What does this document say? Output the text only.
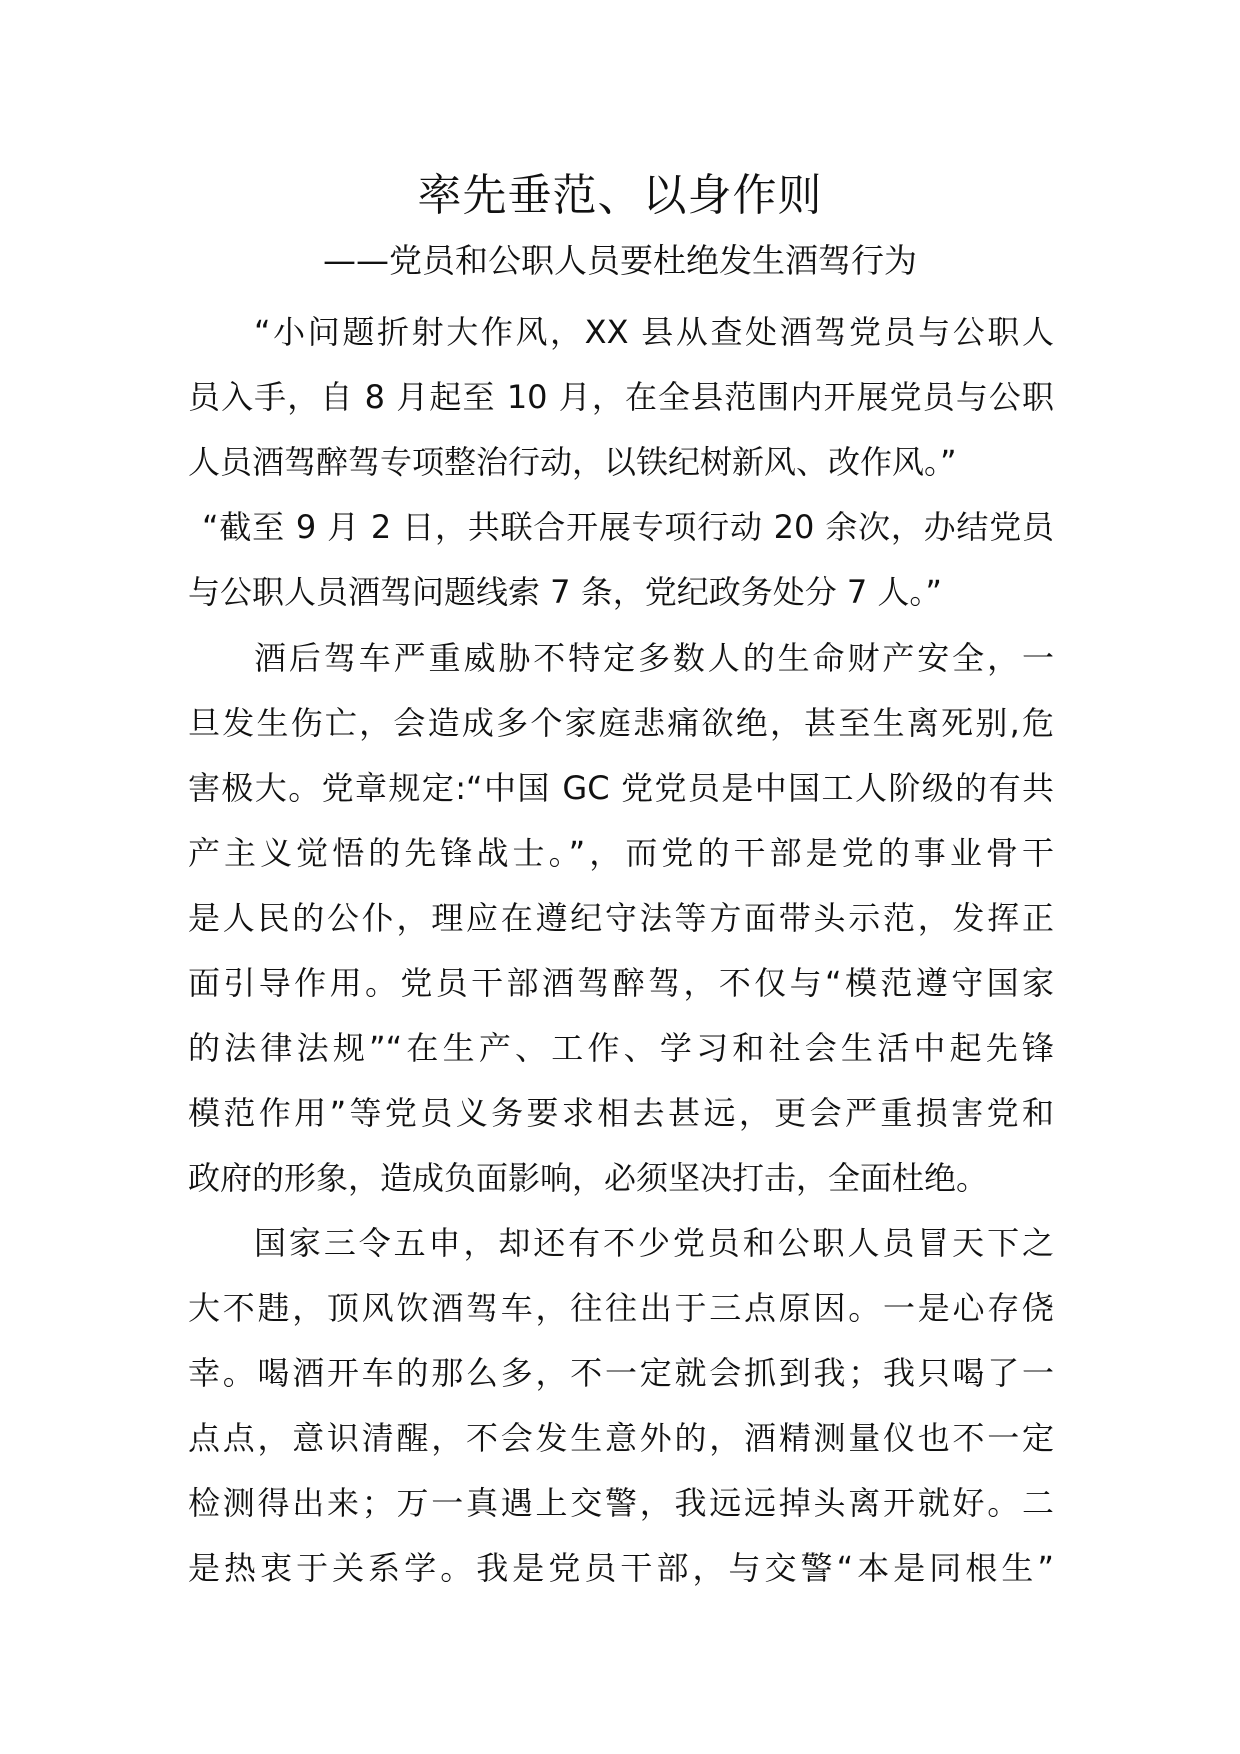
率先垂范、以身作则
——党员和公职人员要杜绝发生酒驾行为
“小问题折射大作风，XX 县从查处酒驾党员与公职人
员入手，自 8 月起至 10 月，在全县范围内开展党员与公职
人员酒驾醉驾专项整治行动，以铁纪树新风、改作风。”
“截至 9 月 2 日，共联合开展专项行动 20 余次，办结党员
与公职人员酒驾问题线索 7 条，党纪政务处分 7 人。”
酒后驾车严重威胁不特定多数人的生命财产安全，一
旦发生伤亡，会造成多个家庭悲痛欲绝，甚至生离死别,危
害极大。党章规定:“中国 GC 党党员是中国工人阶级的有共
产主义觉悟的先锋战士。”，而党的干部是党的事业骨干
是人民的公仆，理应在遵纪守法等方面带头示范，发挥正
面引导作用。党员干部酒驾醉驾，不仅与“模范遵守国家
的法律法规”“在生产、工作、学习和社会生活中起先锋
模范作用”等党员义务要求相去甚远，更会严重损害党和
政府的形象，造成负面影响，必须坚决打击，全面杜绝。
国家三令五申，却还有不少党员和公职人员冒天下之
大不韪，顶风饮酒驾车，往往出于三点原因。一是心存侥
幸。喝酒开车的那么多，不一定就会抓到我；我只喝了一
点点，意识清醒，不会发生意外的，酒精测量仪也不一定
检测得出来；万一真遇上交警，我远远掉头离开就好。二
是热衷于关系学。我是党员干部，与交警“本是同根生”
